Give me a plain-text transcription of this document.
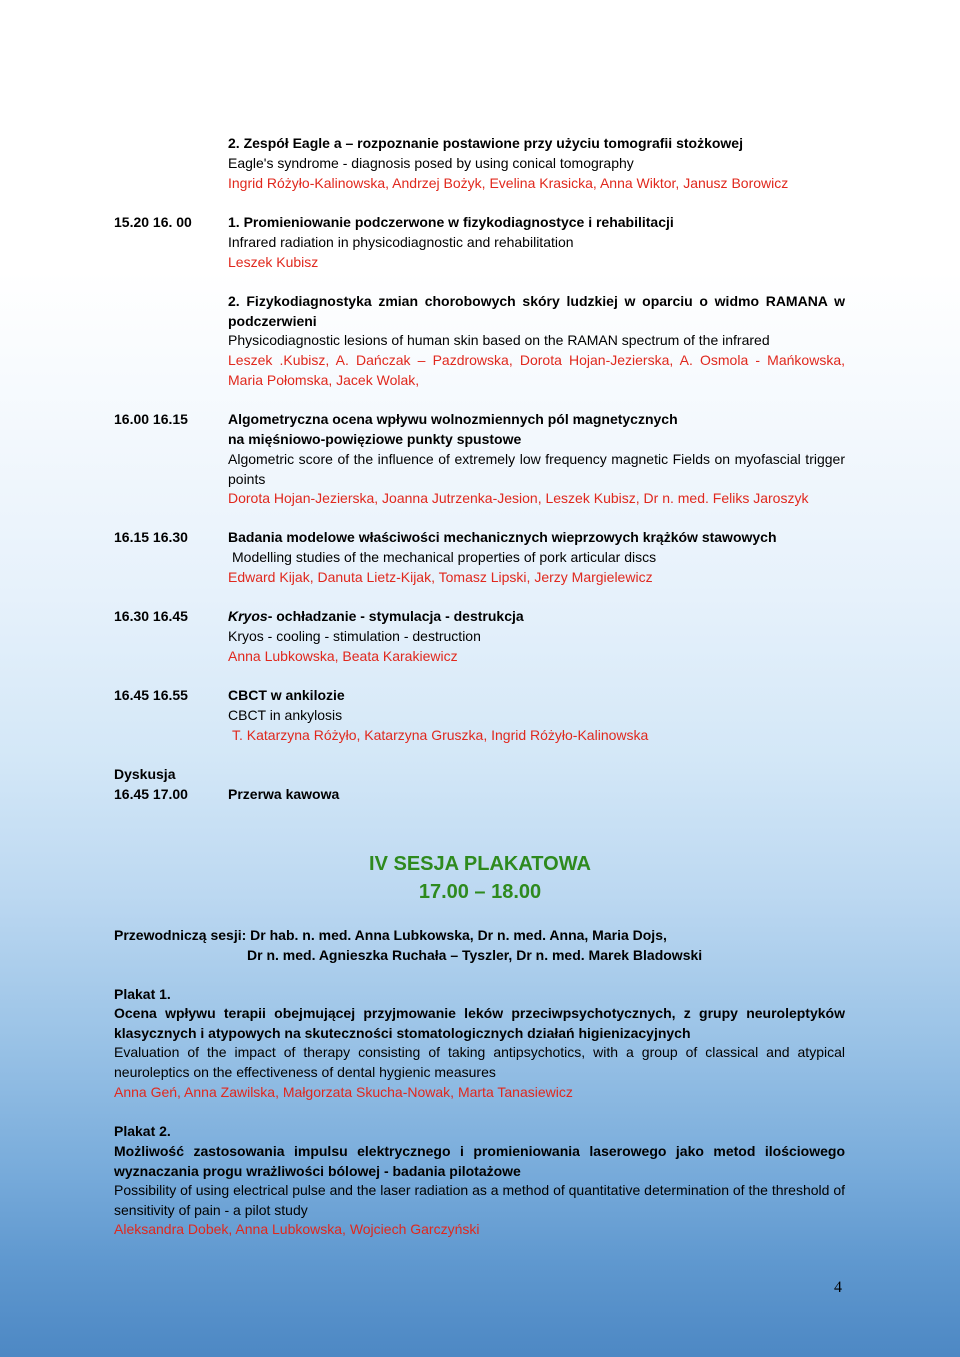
2. Zespół Eagle a – rozpoznanie postawione przy użyciu tomografii stożkowej
Eagle's syndrome - diagnosis posed by using conical tomography
Ingrid Różyło-Kalinowska, Andrzej Bożyk, Evelina Krasicka, Anna Wiktor, Janusz Borowicz
15.20 16. 00	1. Promieniowanie podczerwone w fizykodiagnostyce i rehabilitacji
Infrared radiation in physicodiagnostic and rehabilitation
Leszek Kubisz
2. Fizykodiagnostyka zmian chorobowych skóry ludzkiej w oparciu o widmo RAMANA w podczerwieni
Physicodiagnostic lesions of human skin based on the RAMAN spectrum of the infrared
Leszek .Kubisz, A. Dańczak – Pazdrowska, Dorota Hojan-Jezierska, A. Osmola - Mańkowska, Maria Połomska, Jacek Wolak,
16.00 16.15	Algometryczna ocena wpływu wolnozmiennych pól magnetycznych
na mięśniowo-powięziowe punkty spustowe
Algometric score of the influence of extremely low frequency magnetic Fields on myofascial trigger points
Dorota Hojan-Jezierska, Joanna Jutrzenka-Jesion, Leszek Kubisz, Dr n. med. Feliks Jaroszyk
16.15 16.30	Badania modelowe właściwości mechanicznych wieprzowych krążków stawowych
Modelling studies of the mechanical properties of pork articular discs
Edward Kijak, Danuta Lietz-Kijak, Tomasz Lipski, Jerzy Margielewicz
16.30 16.45	Kryos- ochładzanie - stymulacja - destrukcja
Kryos - cooling - stimulation - destruction
Anna Lubkowska, Beata Karakiewicz
16.45 16.55	CBCT w ankilozie
CBCT in ankylosis
T. Katarzyna Różyło, Katarzyna Gruszka, Ingrid Różyło-Kalinowska
Dyskusja
16.45 17.00	Przerwa kawowa
IV SESJA PLAKATOWA
17.00 – 18.00
Przewodniczą sesji: Dr hab. n. med. Anna Lubkowska, Dr n. med. Anna, Maria Dojs,
Dr n. med. Agnieszka Ruchała – Tyszler, Dr n. med. Marek Bladowski
Plakat 1.
Ocena wpływu terapii obejmującej przyjmowanie leków przeciwpsychotycznych, z grupy neuroleptyków klasycznych i atypowych na skuteczności stomatologicznych działań higienizacyjnych
Evaluation of the impact of therapy consisting of taking antipsychotics, with a group of classical and atypical neuroleptics on the effectiveness of dental hygienic measures
Anna Geń, Anna Zawilska, Małgorzata Skucha-Nowak, Marta Tanasiewicz
Plakat 2.
Możliwość zastosowania impulsu elektrycznego i promieniowania laserowego jako metod ilościowego wyznaczania progu wrażliwości bólowej - badania pilotażowe
Possibility of using electrical pulse and the laser radiation as a method of quantitative determination of the threshold of sensitivity of pain - a pilot study
Aleksandra Dobek, Anna Lubkowska, Wojciech Garczyński
4
